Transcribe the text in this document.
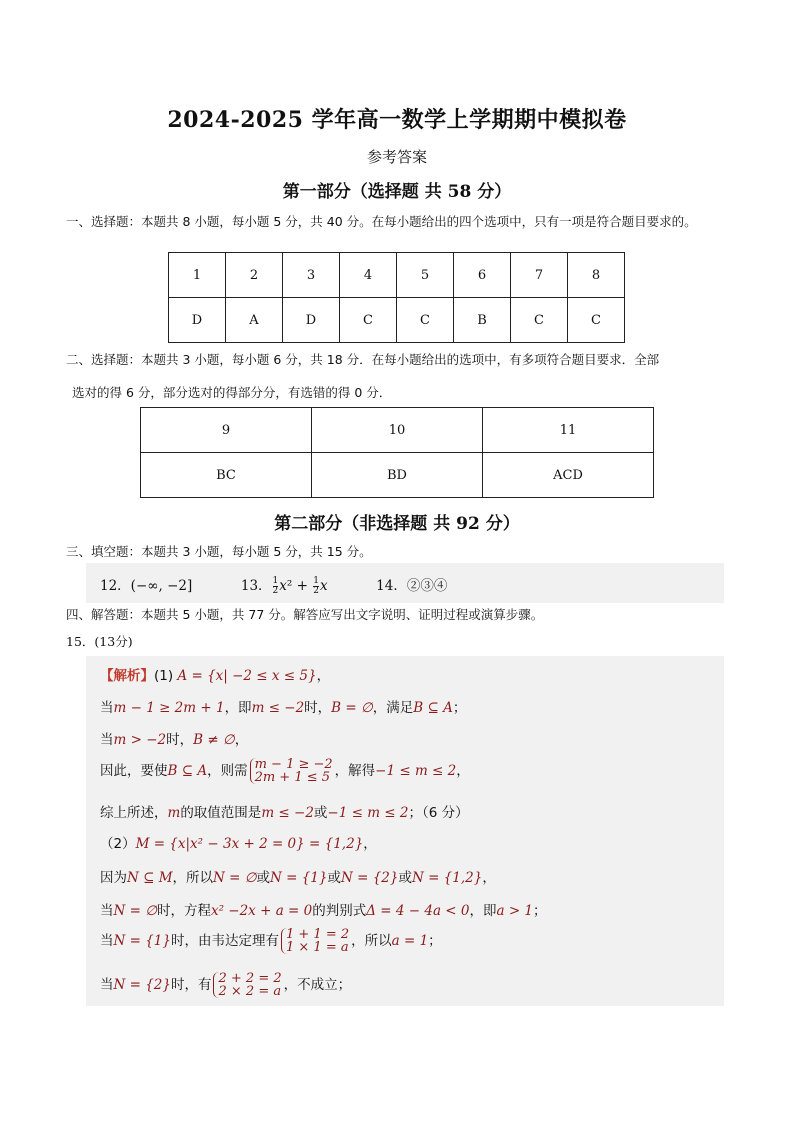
2024-2025 学年高一数学上学期期中模拟卷
参考答案
第一部分（选择题 共 58 分）
一、选择题：本题共 8 小题，每小题 5 分，共 40 分。在每小题给出的四个选项中，只有一项是符合题目要求的。
1	2	3	4	5	6	7	8
D	A	D	C	C	B	C	C
二、选择题：本题共 3 小题，每小题 6 分，共 18 分．在每小题给出的选项中，有多项符合题目要求．全部
选对的得 6 分，部分选对的得部分分，有选错的得 0 分．
9	10	11
BC	BD	ACD
第二部分（非选择题 共 92 分）
三、填空题：本题共 3 小题，每小题 5 分，共 15 分。
12．(−∞, −2]	13． $\frac{1}{2} x^2 + \frac{1}{2}$ x	14．②③④
四、解答题：本题共 5 小题，共 77 分。解答应写出文字说明、证明过程或演算步骤。
15．(13分)
【解析】(1) A = {x| −2 ≤ x ≤ 5}，
当m − 1 ≥ 2m + 1，即m ≤ −2时，B = ∅，满足B ⊆ A；
当m > −2时，B ≠ ∅，
因此，要使B ⊆ A，则需 m − 1 ≥ −2
2m + 1 ≤ 5 ，解得−1 ≤ m ≤ 2，
综上所述，m的取值范围是m ≤ −2或−1 ≤ m ≤ 2；（6 分）
（2）M = {x|x² − 3x + 2 = 0} = {1,2}，
因为N ⊆ M，所以N = ∅或N = {1}或N = {2}或N = {1,2}，
当N = ∅时，方程x² −2x + a = 0的判别式Δ = 4 − 4a < 0，即a > 1；
当N = {1}时，由韦达定理有 1 + 1 = 2
1 × 1 = a ，所以a = 1；
当N = {2}时，有 2 + 2 = 2
2 × 2 = a ，不成立；
